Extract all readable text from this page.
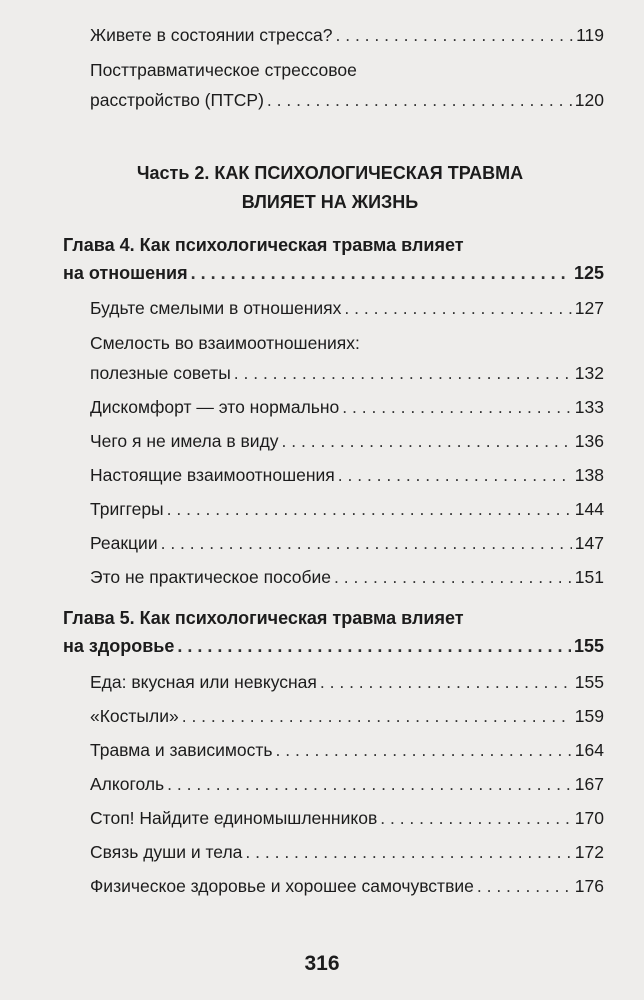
Живете в состоянии стресса? . . .	119
Посттравматическое стрессовое
расстройство (ПТСР) . . .	120
Часть 2. КАК ПСИХОЛОГИЧЕСКАЯ ТРАВМА
ВЛИЯЕТ НА ЖИЗНЬ
Глава 4. Как психологическая травма влияет
на отношения . . .	125
Будьте смелыми в отношениях . . .	127
Смелость во взаимоотношениях:
полезные советы . . .	132
Дискомфорт — это нормально . . .	133
Чего я не имела в виду . . .	136
Настоящие взаимоотношения . . .	138
Триггеры . . .	144
Реакции . . .	147
Это не практическое пособие . . .	151
Глава 5. Как психологическая травма влияет
на здоровье . . .	155
Еда: вкусная или невкусная . . .	155
«Костыли» . . .	159
Травма и зависимость . . .	164
Алкоголь . . .	167
Стоп! Найдите единомышленников . . .	170
Связь души и тела . . .	172
Физическое здоровье и хорошее самочувствие . . .	176
316
